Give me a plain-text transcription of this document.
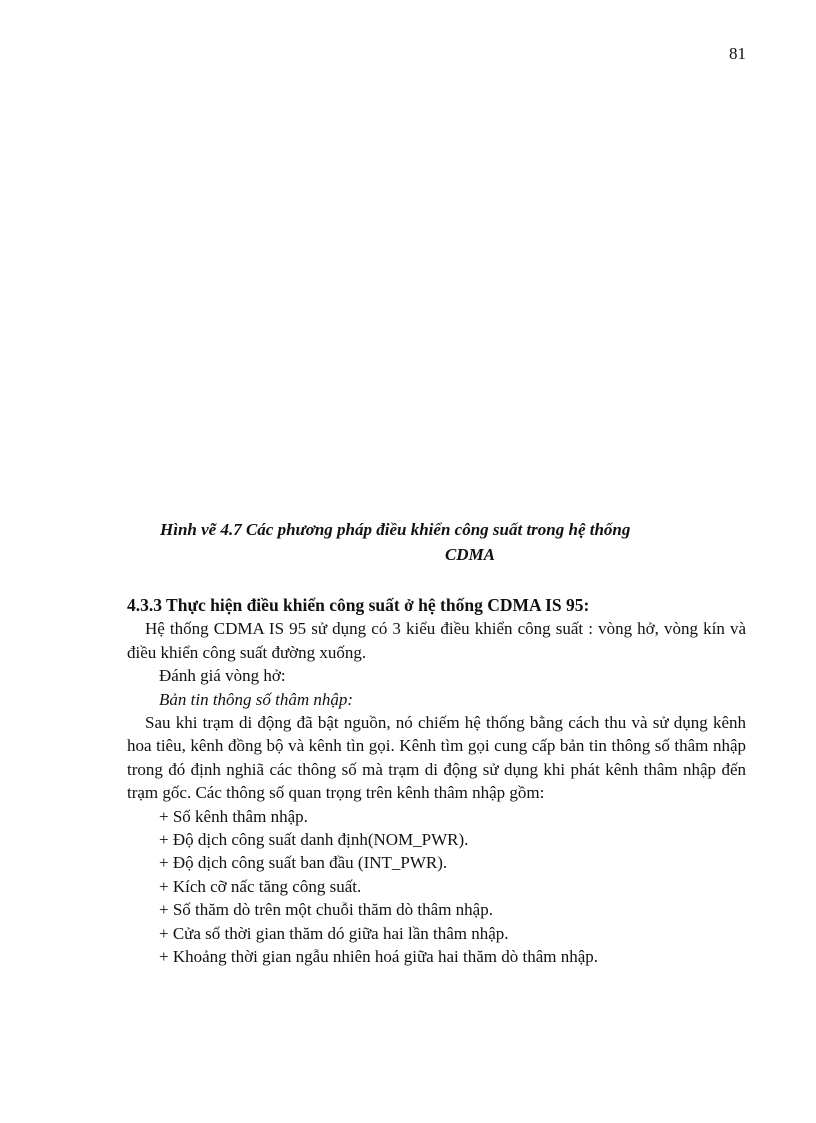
81
Hình vẽ 4.7 Các phương pháp điều khiển công suất trong hệ thống
CDMA
4.3.3 Thực hiện điều khiển công suất ở hệ thống CDMA IS 95:
Hệ thống CDMA IS 95 sử dụng có 3 kiểu điều khiển công suất : vòng hở, vòng kín và điều khiển công suất đường xuống.
Đánh giá vòng hở:
Bản tin thông số thâm nhập:
Sau khi trạm di động đã bật nguồn, nó chiếm hệ thống bằng cách thu và sử dụng kênh hoa tiêu, kênh đồng bộ và kênh tìn gọi. Kênh tìm gọi cung cấp bản tin thông số thâm nhập trong đó định nghiã các thông số mà trạm di động sử dụng khi phát kênh thâm nhập đến trạm gốc. Các thông số quan trọng trên kênh thâm nhập gồm:
+ Số kênh thâm nhập.
+ Độ dịch công suất danh định(NOM_PWR).
+ Độ dịch công suất ban đầu (INT_PWR).
+ Kích cỡ nấc tăng công suất.
+ Số thăm dò trên một chuỗi thăm dò thâm nhập.
+ Cửa sổ thời gian thăm dó giữa hai lần thâm nhập.
+ Khoảng thời gian ngẫu nhiên hoá giữa hai thăm dò thâm nhập.
